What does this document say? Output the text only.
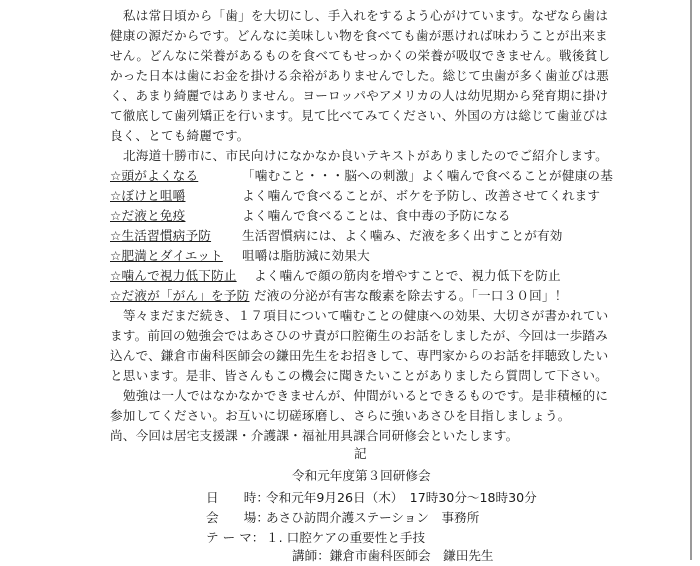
私は常日頃から「歯」を大切にし、手入れをするよう心がけています。なぜなら歯は健康の源だからです。どんなに美味しい物を食べても歯が悪ければ味わうことが出来ません。どんなに栄養があるものを食べてもせっかくの栄養が吸収できません。戦後貧しかった日本は歯にお金を掛ける余裕がありませんでした。総じて虫歯が多く歯並びは悪く、あまり綺麗ではありません。ヨーロッパやアメリカの人は幼児期から発育期に掛けて徹底して歯列矯正を行います。見て比べてみてください、外国の方は総じて歯並びは良く、とても綺麗です。

北海道十勝市に、市民向けになかなか良いテキストがありましたのでご紹介します。

☆頭がよくなる	「噛むこと・・・脳への刺激」よく噛んで食べることが健康の基
☆ぼけと咀嚼	よく噛んで食べることが、ボケを予防し、改善させてくれます
☆だ液と免疫	よく噛んで食べることは、食中毒の予防になる
☆生活習慣病予防	生活習慣病には、よく噛み、だ液を多く出すことが有効
☆肥満とダイエット	咀嚼は脂肪減に効果大
☆噛んで視力低下防止	よく噛んで顔の筋肉を増やすことで、視力低下を防止
☆だ液が「がん」を予防 だ液の分泌が有害な酸素を除去する。「一口３０回」！

等々まだまだ続き、１７項目について噛むことの健康への効果、大切さが書かれています。前回の勉強会ではあさひのサ責が口腔衛生のお話をしましたが、今回は一歩踏み込んで、鎌倉市歯科医師会の鎌田先生をお招きして、専門家からのお話を拝聴致したいと思います。是非、皆さんもこの機会に聞きたいことがありましたら質問して下さい。

勉強は一人ではなかなかできませんが、仲間がいるとできるものです。是非積極的に参加してください。お互いに切磋琢磨し、さらに強いあさひを目指しましょう。

尚、今回は居宅支援課・介護課・福祉用具課合同研修会といたします。

記
令和元年度第３回研修会
日　　時：令和元年9月26日（木）　17時30分～18時30分
会　　場：あさひ訪問介護ステーション　事務所
テ ー マ： １. 口腔ケアの重要性と手技
講師：鎌倉市歯科医師会　鎌田先生
